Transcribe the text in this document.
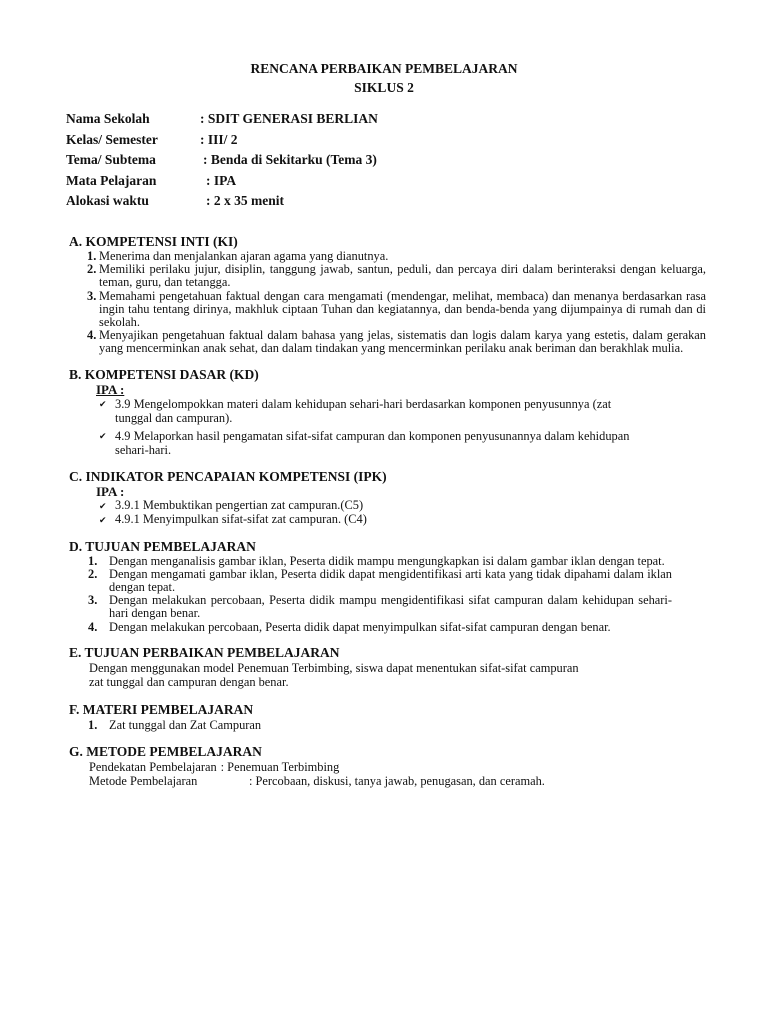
RENCANA PERBAIKAN PEMBELAJARAN
SIKLUS 2
Nama Sekolah	: SDIT GENERASI BERLIAN
Kelas/ Semester	: III/ 2
Tema/ Subtema	: Benda di Sekitarku (Tema 3)
Mata Pelajaran	: IPA
Alokasi waktu	: 2 x 35 menit
A. KOMPETENSI INTI (KI)
1. Menerima dan menjalankan ajaran agama yang dianutnya.
2. Memiliki perilaku jujur, disiplin, tanggung jawab, santun, peduli, dan percaya diri dalam berinteraksi dengan keluarga, teman, guru, dan tetangga.
3. Memahami pengetahuan faktual dengan cara mengamati (mendengar, melihat, membaca) dan menanya berdasarkan rasa ingin tahu tentang dirinya, makhluk ciptaan Tuhan dan kegiatannya, dan benda-benda yang dijumpainya di rumah dan di sekolah.
4. Menyajikan pengetahuan faktual dalam bahasa yang jelas, sistematis dan logis dalam karya yang estetis, dalam gerakan yang mencerminkan anak sehat, dan dalam tindakan yang mencerminkan perilaku anak beriman dan berakhlak mulia.
B. KOMPETENSI DASAR (KD)
IPA :
✔ 3.9 Mengelompokkan materi dalam kehidupan sehari-hari berdasarkan komponen penyusunnya (zat tunggal dan campuran).
✔ 4.9 Melaporkan hasil pengamatan sifat-sifat campuran dan komponen penyusunannya dalam kehidupan sehari-hari.
C. INDIKATOR PENCAPAIAN KOMPETENSI (IPK)
IPA :
✔ 3.9.1 Membuktikan pengertian zat campuran.(C5)
✔ 4.9.1 Menyimpulkan sifat-sifat zat campuran. (C4)
D. TUJUAN PEMBELAJARAN
1. Dengan menganalisis gambar iklan, Peserta didik mampu mengungkapkan isi dalam gambar iklan dengan tepat.
2. Dengan mengamati gambar iklan, Peserta didik dapat mengidentifikasi arti kata yang tidak dipahami dalam iklan dengan tepat.
3. Dengan melakukan percobaan, Peserta didik mampu mengidentifikasi sifat campuran dalam kehidupan sehari-hari dengan benar.
4. Dengan melakukan percobaan, Peserta didik dapat menyimpulkan sifat-sifat campuran dengan benar.
E. TUJUAN PERBAIKAN PEMBELAJARAN
Dengan menggunakan model Penemuan Terbimbing, siswa dapat menentukan sifat-sifat campuran zat tunggal dan campuran dengan benar.
F. MATERI PEMBELAJARAN
1. Zat tunggal dan Zat Campuran
G. METODE PEMBELAJARAN
Pendekatan Pembelajaran : Penemuan Terbimbing
Metode Pembelajaran	: Percobaan, diskusi, tanya jawab, penugasan, dan ceramah.
